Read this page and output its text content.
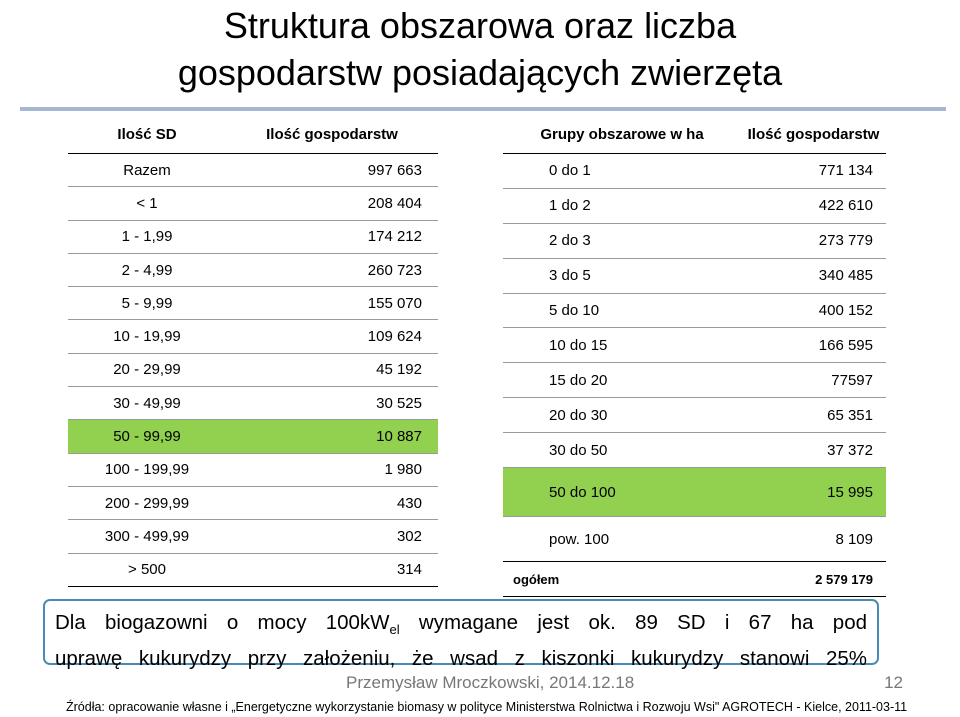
Struktura obszarowa oraz liczba
gospodarstw posiadających zwierzęta
Ilość SD	Ilość gospodarstw
Razem	997 663
< 1	208 404
1 - 1,99	174 212
2 - 4,99	260 723
5 - 9,99	155 070
10 - 19,99	109 624
20 - 29,99	45 192
30 - 49,99	30 525
50 - 99,99	10 887
100 - 199,99	1 980
200 - 299,99	430
300 - 499,99	302
> 500	314
Grupy obszarowe w ha	Ilość gospodarstw
0 do 1	771 134
1 do 2	422 610
2 do 3	273 779
3 do 5	340 485
5 do 10	400 152
10 do 15	166 595
15 do 20	77597
20 do 30	65 351
30 do 50	37 372
50 do 100	15 995
pow. 100	8 109
ogółem	2 579 179
Dla biogazowni o mocy $100kW_{el}$ wymagane jest ok. 89 SD i 67 ha pod
uprawę kukurydzy przy założeniu, że wsad z kiszonki kukurydzy stanowi 25%
Przemysław Mroczkowski, 2014.12.18	12
Źródła: opracowanie własne i „Energetyczne wykorzystanie biomasy w polityce Ministerstwa Rolnictwa i Rozwoju Wsi" AGROTECH - Kielce, 2011-03-11
